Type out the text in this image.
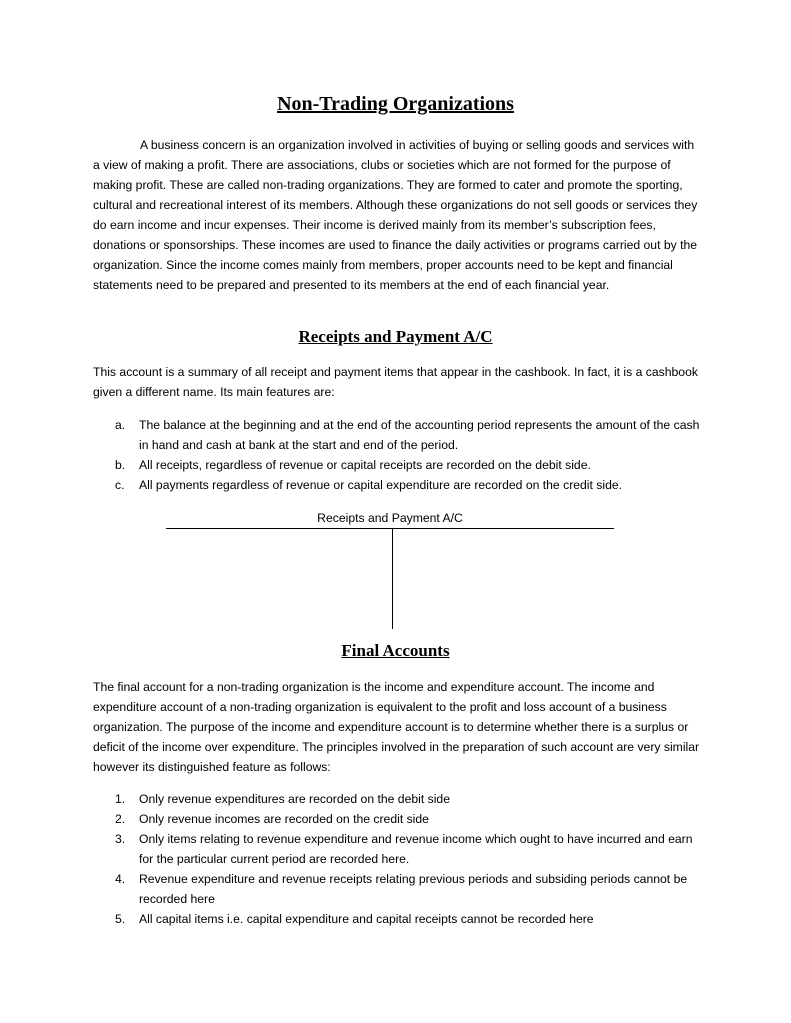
Non-Trading Organizations

A business concern is an organization involved in activities of buying or selling goods and services with a view of making a profit. There are associations, clubs or societies which are not formed for the purpose of making profit. These are called non-trading organizations. They are formed to cater and promote the sporting, cultural and recreational interest of its members. Although these organizations do not sell goods or services they do earn income and incur expenses. Their income is derived mainly from its member’s subscription fees, donations or sponsorships. These incomes are used to finance the daily activities or programs carried out by the organization. Since the income comes mainly from members, proper accounts need to be kept and financial statements need to be prepared and presented to its members at the end of each financial year.

Receipts and Payment A/C

This account is a summary of all receipt and payment items that appear in the cashbook. In fact, it is a cashbook given a different name. Its main features are:

a. The balance at the beginning and at the end of the accounting period represents the amount of the cash in hand and cash at bank at the start and end of the period.
b. All receipts, regardless of revenue or capital receipts are recorded on the debit side.
c. All payments regardless of revenue or capital expenditure are recorded on the credit side.
Receipts and Payment A/C
Final Accounts

The final account for a non-trading organization is the income and expenditure account. The income and expenditure account of a non-trading organization is equivalent to the profit and loss account of a business organization. The purpose of the income and expenditure account is to determine whether there is a surplus or deficit of the income over expenditure. The principles involved in the preparation of such account are very similar however its distinguished feature as follows:

1. Only revenue expenditures are recorded on the debit side
2. Only revenue incomes are recorded on the credit side
3. Only items relating to revenue expenditure and revenue income which ought to have incurred and earn for the particular current period are recorded here.
4. Revenue expenditure and revenue receipts relating previous periods and subsiding periods cannot be recorded here
5. All capital items i.e. capital expenditure and capital receipts cannot be recorded here
